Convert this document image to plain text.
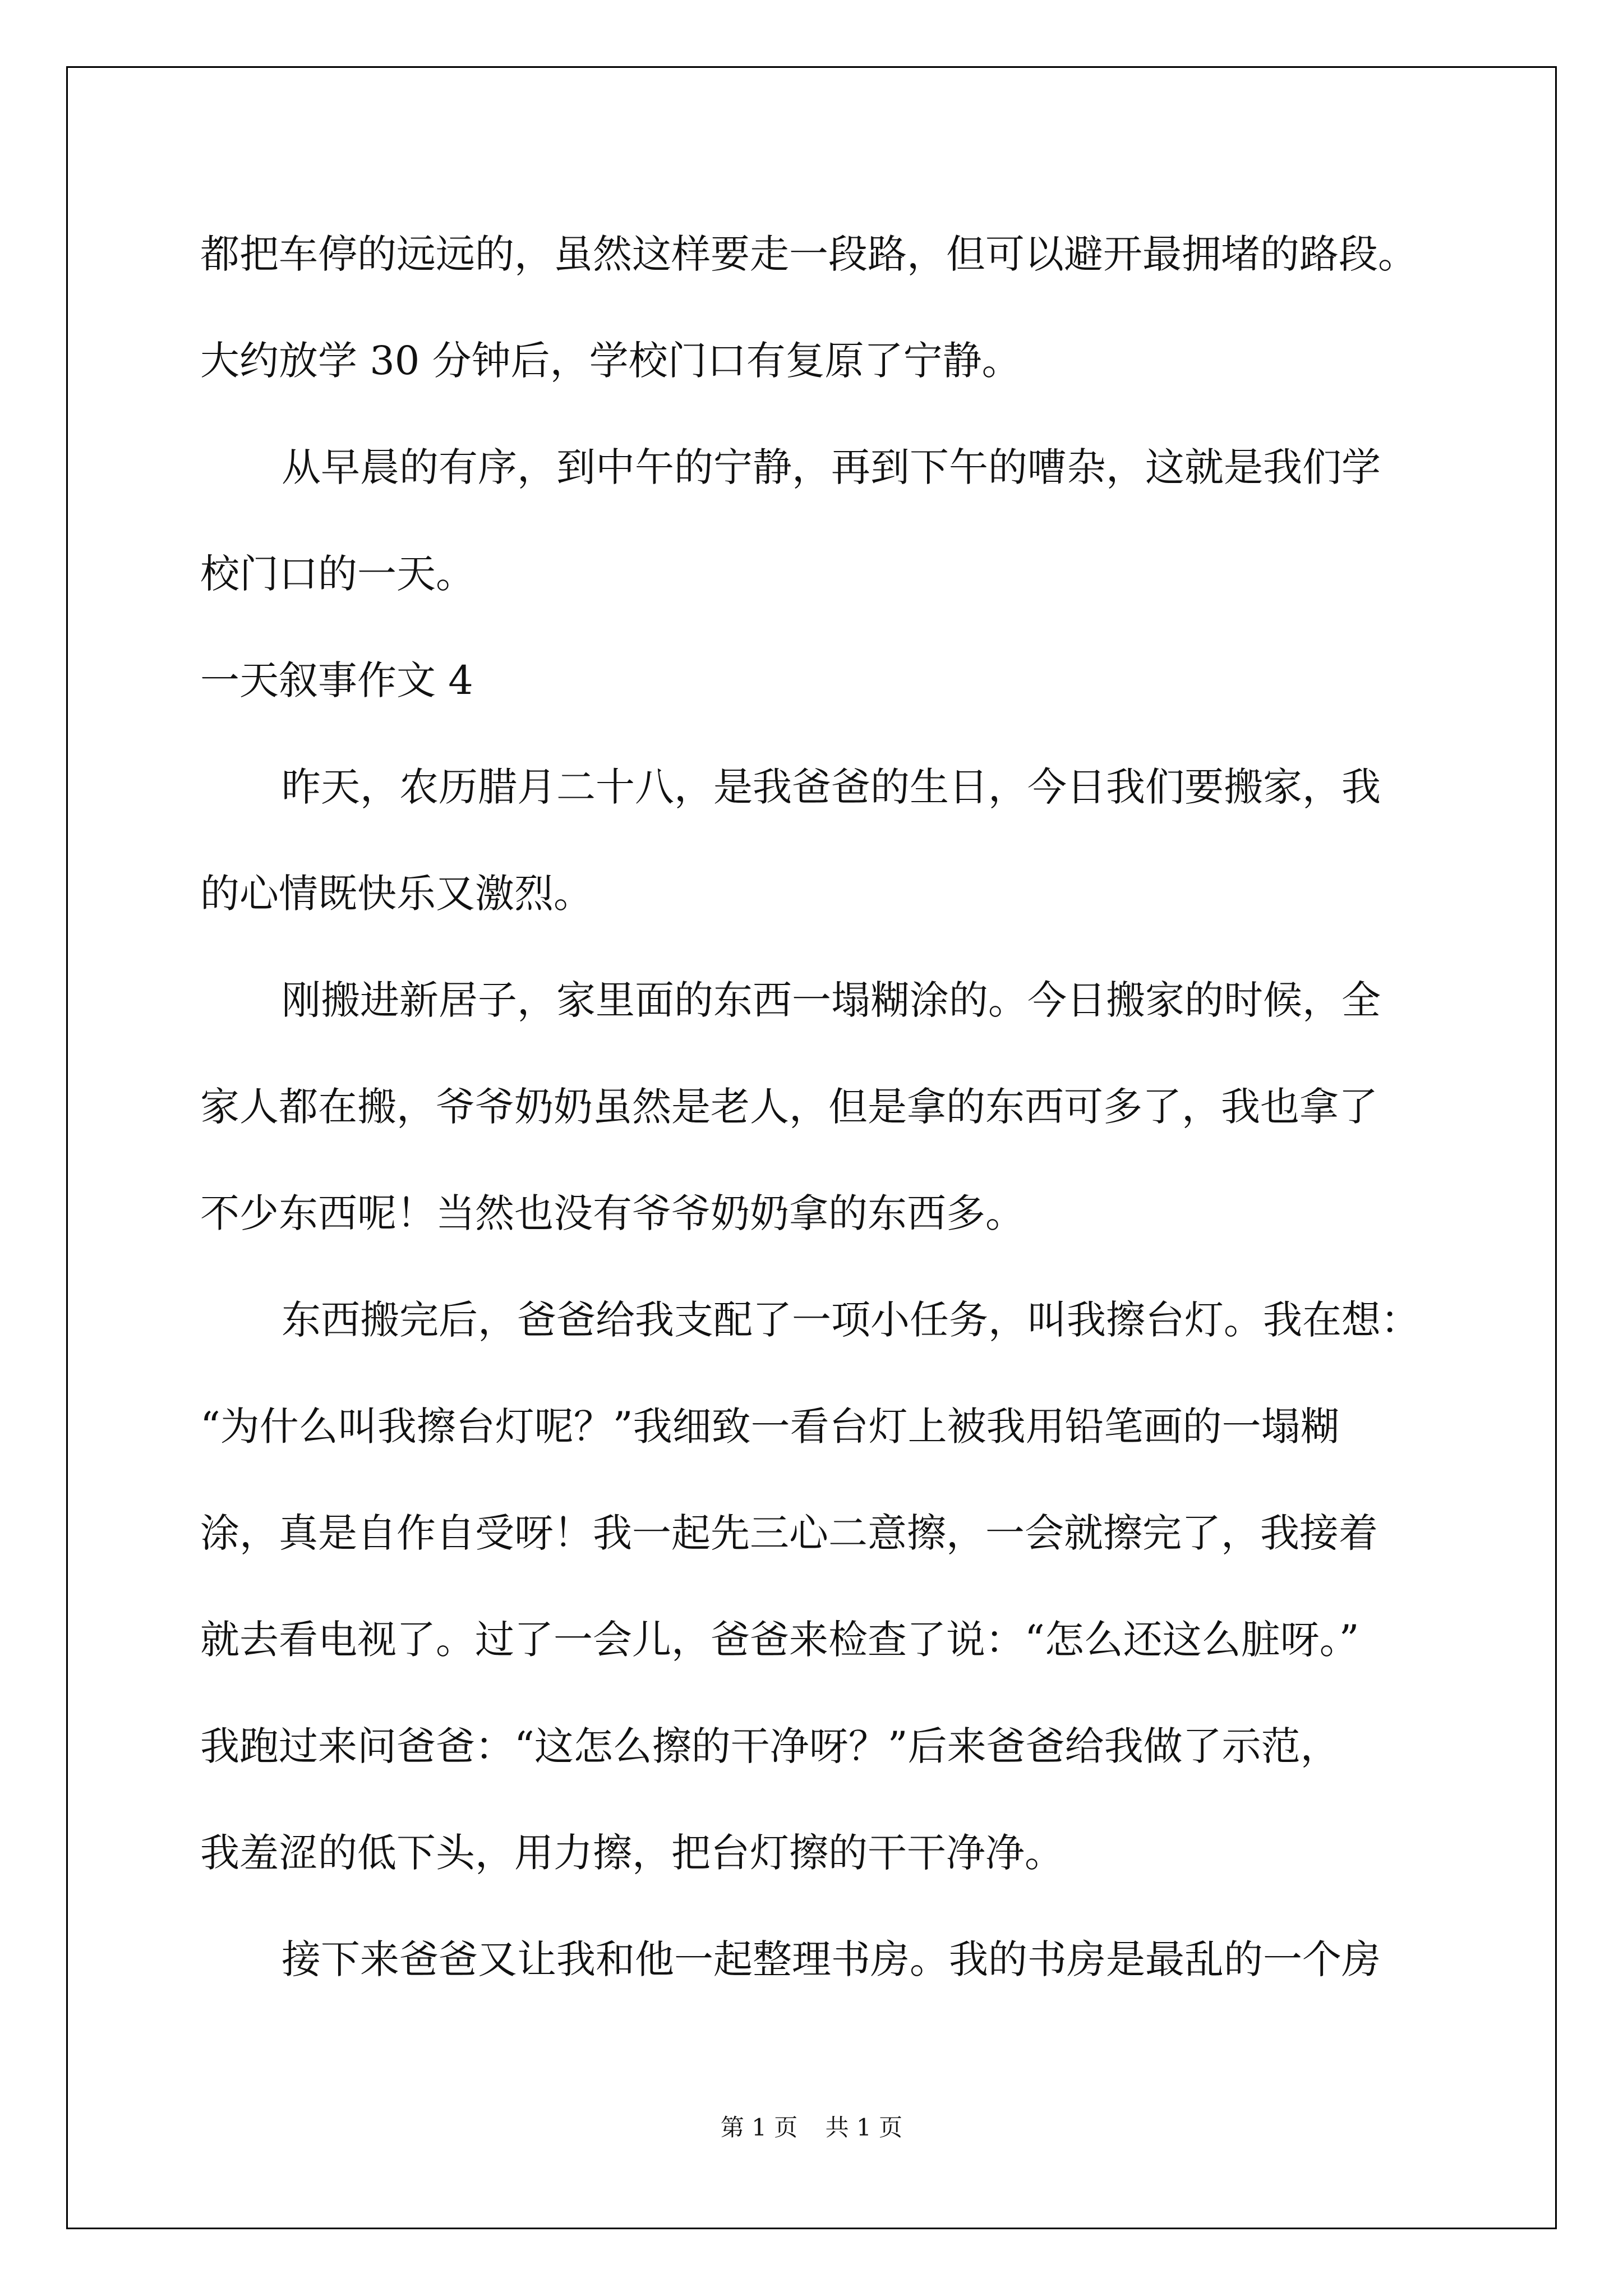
都把车停的远远的，虽然这样要走一段路，但可以避开最拥堵的路段。
大约放学 30 分钟后，学校门口有复原了宁静。
从早晨的有序，到中午的宁静，再到下午的嘈杂，这就是我们学
校门口的一天。
一天叙事作文 4
昨天，农历腊月二十八，是我爸爸的生日，今日我们要搬家，我
的心情既快乐又激烈。
刚搬进新居子，家里面的东西一塌糊涂的。今日搬家的时候，全
家人都在搬，爷爷奶奶虽然是老人，但是拿的东西可多了，我也拿了
不少东西呢！当然也没有爷爷奶奶拿的东西多。
东西搬完后，爸爸给我支配了一项小任务，叫我擦台灯。我在想：
“为什么叫我擦台灯呢？”我细致一看台灯上被我用铅笔画的一塌糊
涂，真是自作自受呀！我一起先三心二意擦，一会就擦完了，我接着
就去看电视了。过了一会儿，爸爸来检查了说：“怎么还这么脏呀。”
我跑过来问爸爸：“这怎么擦的干净呀？”后来爸爸给我做了示范，
我羞涩的低下头，用力擦，把台灯擦的干干净净。
接下来爸爸又让我和他一起整理书房。我的书房是最乱的一个房
第 1 页 共 1 页
